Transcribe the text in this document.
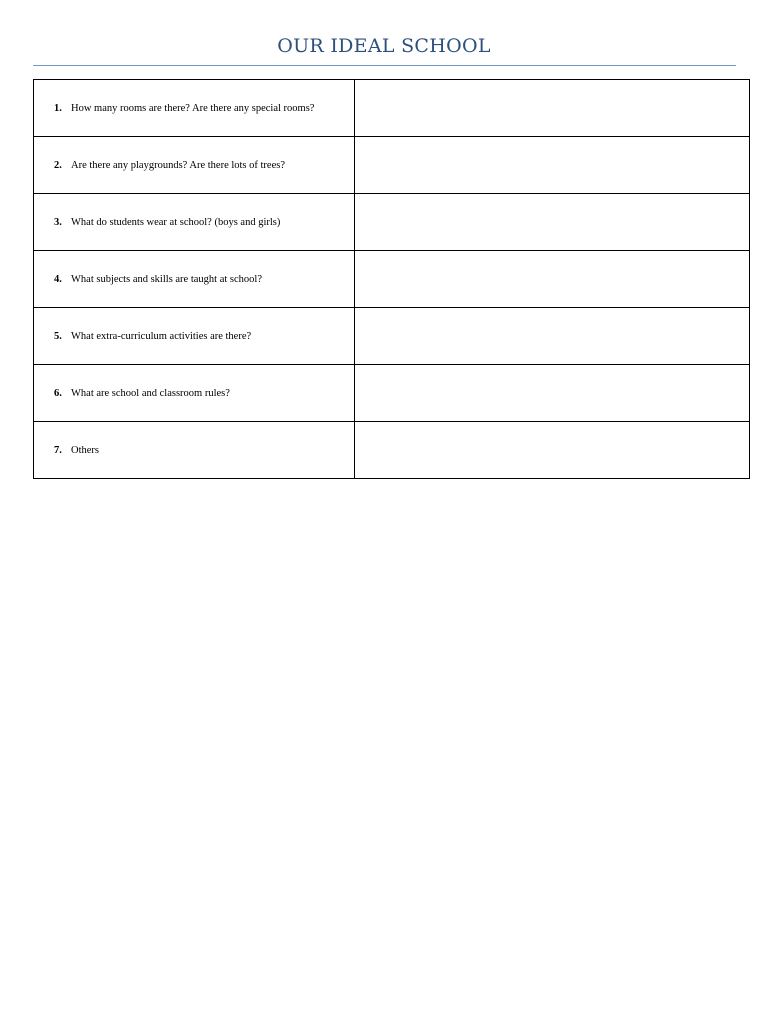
OUR IDEAL SCHOOL
1. How many rooms are there? Are there any special rooms?	

2. Are there any playgrounds? Are there lots of trees?	

3. What do students wear at school? (boys and girls)	

4. What subjects and skills are taught at school?	

5. What extra-curriculum activities are there?	

6. What are school and classroom rules?	

7. Others	
